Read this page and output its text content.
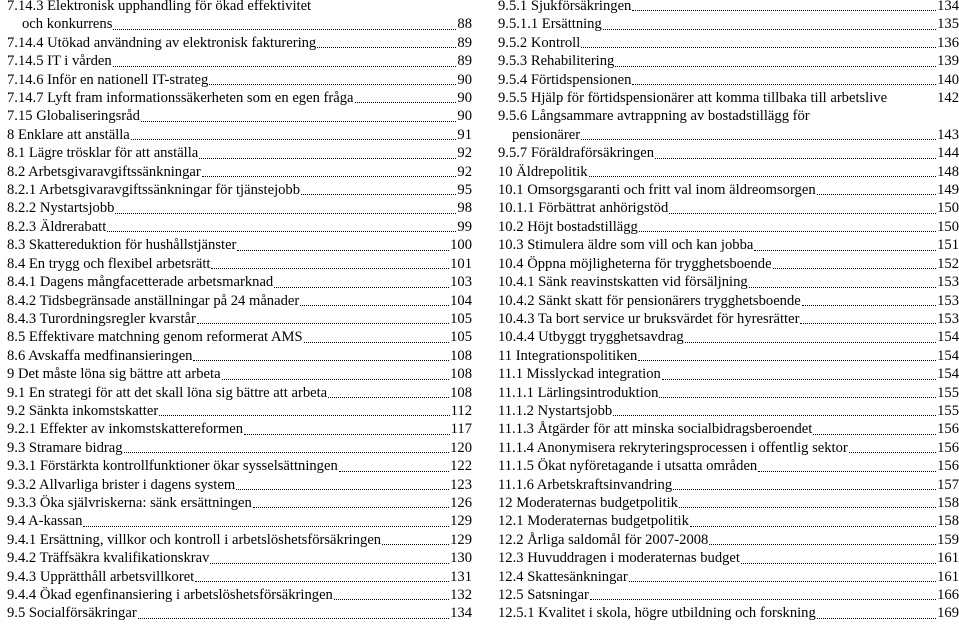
7.14.3 Elektronisk upphandling för ökad effektivitet
och konkurrens	88
7.14.4 Utökad användning av elektronisk fakturering	89
7.14.5 IT i vården	89
7.14.6 Inför en nationell IT-strateg	90
7.14.7 Lyft fram informationssäkerheten som en egen fråga	90
7.15 Globaliseringsråd	90
8 Enklare att anställa	91
8.1 Lägre trösklar för att anställa	92
8.2 Arbetsgivaravgiftssänkningar	92
8.2.1 Arbetsgivaravgiftssänkningar för tjänstejobb	95
8.2.2 Nystartsjobb	98
8.2.3 Äldrerabatt	99
8.3 Skattereduktion för hushållstjänster	100
8.4 En trygg och flexibel arbetsrätt	101
8.4.1 Dagens mångfacetterade arbetsmarknad	103
8.4.2 Tidsbegränsade anställningar på 24 månader	104
8.4.3 Turordningsregler kvarstår	105
8.5 Effektivare matchning genom reformerat AMS	105
8.6 Avskaffa medfinansieringen	108
9 Det måste löna sig bättre att arbeta	108
9.1 En strategi för att det skall löna sig bättre att arbeta	108
9.2 Sänkta inkomstskatter	112
9.2.1 Effekter av inkomstskattereformen	117
9.3 Stramare bidrag	120
9.3.1 Förstärkta kontrollfunktioner ökar sysselsättningen	122
9.3.2 Allvarliga brister i dagens system	123
9.3.3 Öka självriskerna: sänk ersättningen	126
9.4 A-kassan	129
9.4.1 Ersättning, villkor och kontroll i arbetslöshetsförsäkringen	129
9.4.2 Träffsäkra kvalifikationskrav	130
9.4.3 Upprätthåll arbetsvillkoret	131
9.4.4 Ökad egenfinansiering i arbetslöshetsförsäkringen	132
9.5 Socialförsäkringar	134
9.5.1 Sjukförsäkringen	134
9.5.1.1 Ersättning	135
9.5.2 Kontroll	136
9.5.3 Rehabilitering	139
9.5.4 Förtidspensionen	140
9.5.5 Hjälp för förtidspensionärer att komma tillbaka till arbetslive	142
9.5.6 Långsammare avtrappning av bostadstillägg för
pensionärer	143
9.5.7 Föräldraförsäkringen	144
10 Äldrepolitik	148
10.1 Omsorgsgaranti och fritt val inom äldreomsorgen	149
10.1.1 Förbättrat anhörigstöd	150
10.2 Höjt bostadstillägg	150
10.3 Stimulera äldre som vill och kan jobba	151
10.4 Öppna möjligheterna för trygghetsboende	152
10.4.1 Sänk reavinstskatten vid försäljning	153
10.4.2 Sänkt skatt för pensionärers trygghetsboende	153
10.4.3 Ta bort service ur bruksvärdet för hyresrätter	153
10.4.4 Utbyggt trygghetsavdrag	154
11 Integrationspolitiken	154
11.1 Misslyckad integration	154
11.1.1 Lärlingsintroduktion	155
11.1.2 Nystartsjobb	155
11.1.3 Åtgärder för att minska socialbidragsberoendet	156
11.1.4 Anonymisera rekryteringsprocessen i offentlig sektor	156
11.1.5 Ökat nyföretagande i utsatta områden	156
11.1.6 Arbetskraftsinvandring	157
12 Moderaternas budgetpolitik	158
12.1 Moderaternas budgetpolitik	158
12.2 Årliga saldomål för 2007-2008	159
12.3 Huvuddragen i moderaternas budget	161
12.4 Skattesänkningar	161
12.5 Satsningar	166
12.5.1 Kvalitet i skola, högre utbildning och forskning	169
